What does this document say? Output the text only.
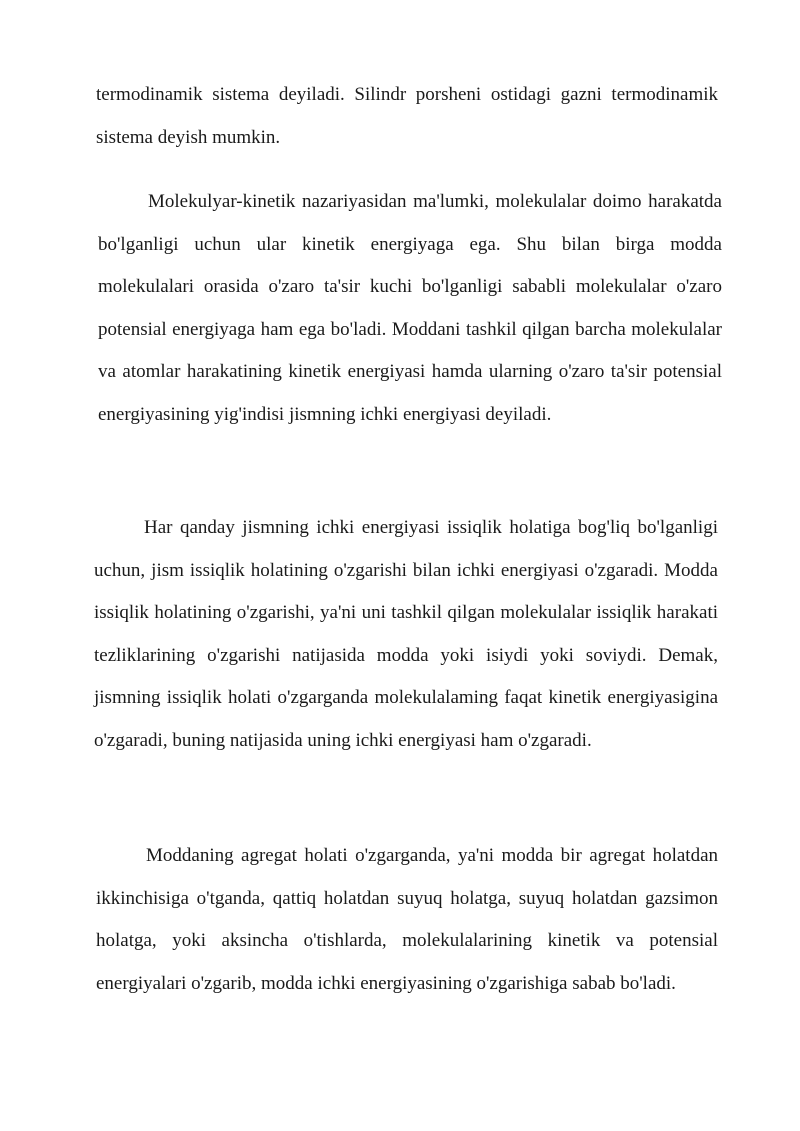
termodinamik sistema deyiladi. Silindr porsheni ostidagi gazni termodinamik sistema deyish mumkin.

Molekulyar-kinetik nazariyasidan ma'lumki, molekulalar doimo harakatda bo'lganligi uchun ular kinetik energiyaga ega. Shu bilan birga modda molekulalari orasida o'zaro ta'sir kuchi bo'lganligi sababli molekulalar o'zaro potensial energiyaga ham ega bo'ladi. Moddani tashkil qilgan barcha molekulalar va atomlar harakatining kinetik energiyasi hamda ularning o'zaro ta'sir potensial energiyasining yig'indisi jismning ichki energiyasi deyiladi.

Har qanday jismning ichki energiyasi issiqlik holatiga bog'liq bo'lganligi uchun, jism issiqlik holatining o'zgarishi bilan ichki energiyasi o'zgaradi. Modda issiqlik holatining o'zgarishi, ya'ni uni tashkil qilgan molekulalar issiqlik harakati tezliklarining o'zgarishi natijasida modda yoki isiydi yoki soviydi. Demak, jismning issiqlik holati o'zgarganda molekulalaming faqat kinetik energiyasigina o'zgaradi, buning natijasida uning ichki energiyasi ham o'zgaradi.

Moddaning agregat holati o'zgarganda, ya'ni modda bir agregat holatdan ikkinchisiga o'tganda, qattiq holatdan suyuq holatga, suyuq holatdan gazsimon holatga, yoki aksincha o'tishlarda, molekulalarining kinetik va potensial energiyalari o'zgarib, modda ichki energiyasining o'zgarishiga sabab bo'ladi.
